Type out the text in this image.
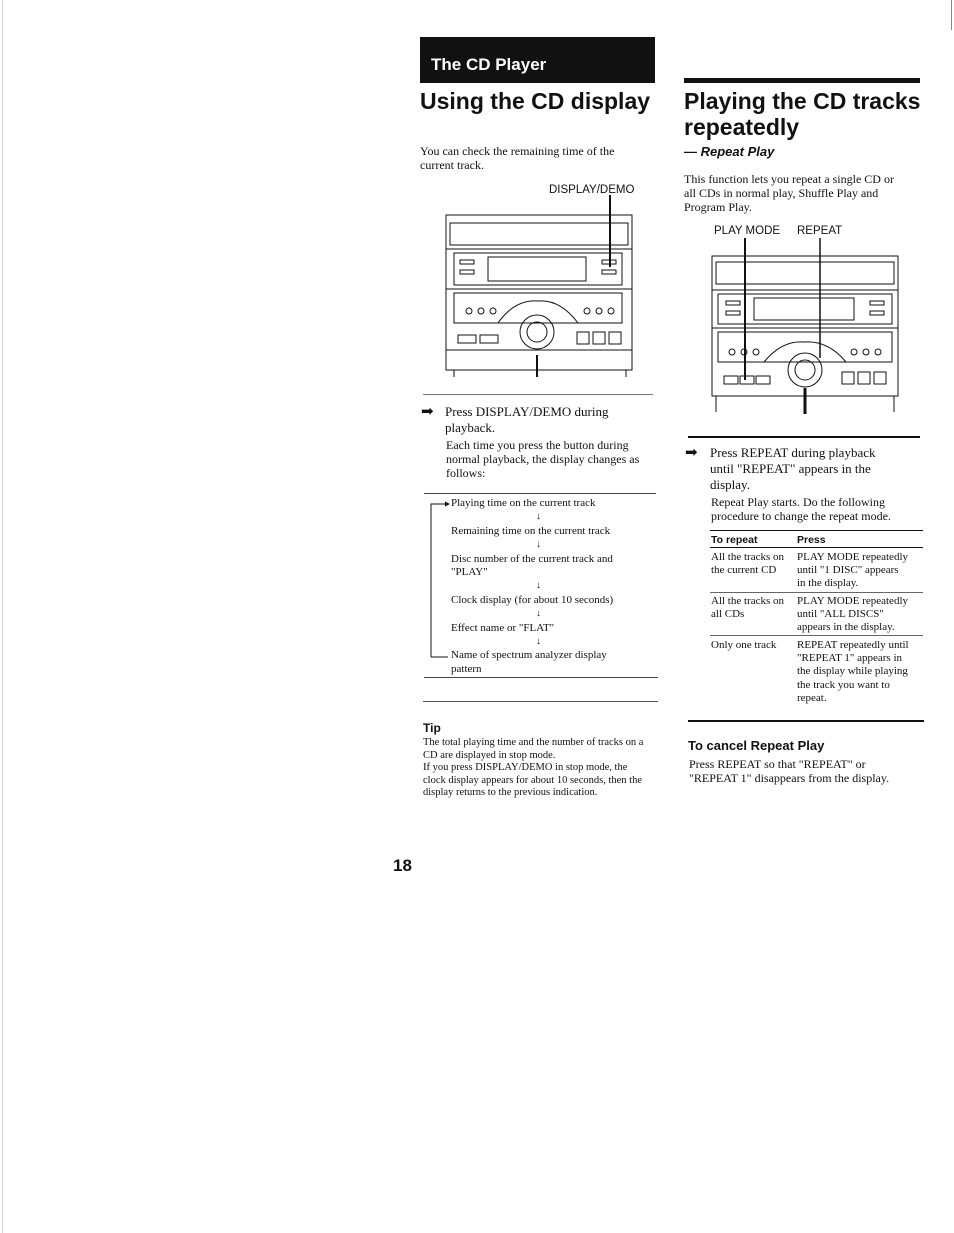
The CD Player
Using the CD display
You can check the remaining time of the
current track.
DISPLAY/DEMO
➡ Press DISPLAY/DEMO during
playback.
Each time you press the button during
normal playback, the display changes as
follows:
Playing time on the current track
↓
Remaining time on the current track
↓
Disc number of the current track and
"PLAY"
↓
Clock display (for about 10 seconds)
↓
Effect name or "FLAT"
↓
Name of spectrum analyzer display
pattern
Tip
The total playing time and the number of tracks on a
CD are displayed in stop mode.
If you press DISPLAY/DEMO in stop mode, the
clock display appears for about 10 seconds, then the
display returns to the previous indication.
18
Playing the CD tracks
repeatedly
— Repeat Play
This function lets you repeat a single CD or
all CDs in normal play, Shuffle Play and
Program Play.
PLAY MODE REPEAT
➡ Press REPEAT during playback
until "REPEAT" appears in the
display.
Repeat Play starts. Do the following
procedure to change the repeat mode.
To repeat	Press
All the tracks on
the current CD
PLAY MODE repeatedly
until "1 DISC" appears
in the display.
All the tracks on
all CDs
PLAY MODE repeatedly
until "ALL DISCS"
appears in the display.
Only one track REPEAT repeatedly until
"REPEAT 1" appears in
the display while playing
the track you want to
repeat.
To cancel Repeat Play
Press REPEAT so that "REPEAT" or
"REPEAT 1" disappears from the display.
